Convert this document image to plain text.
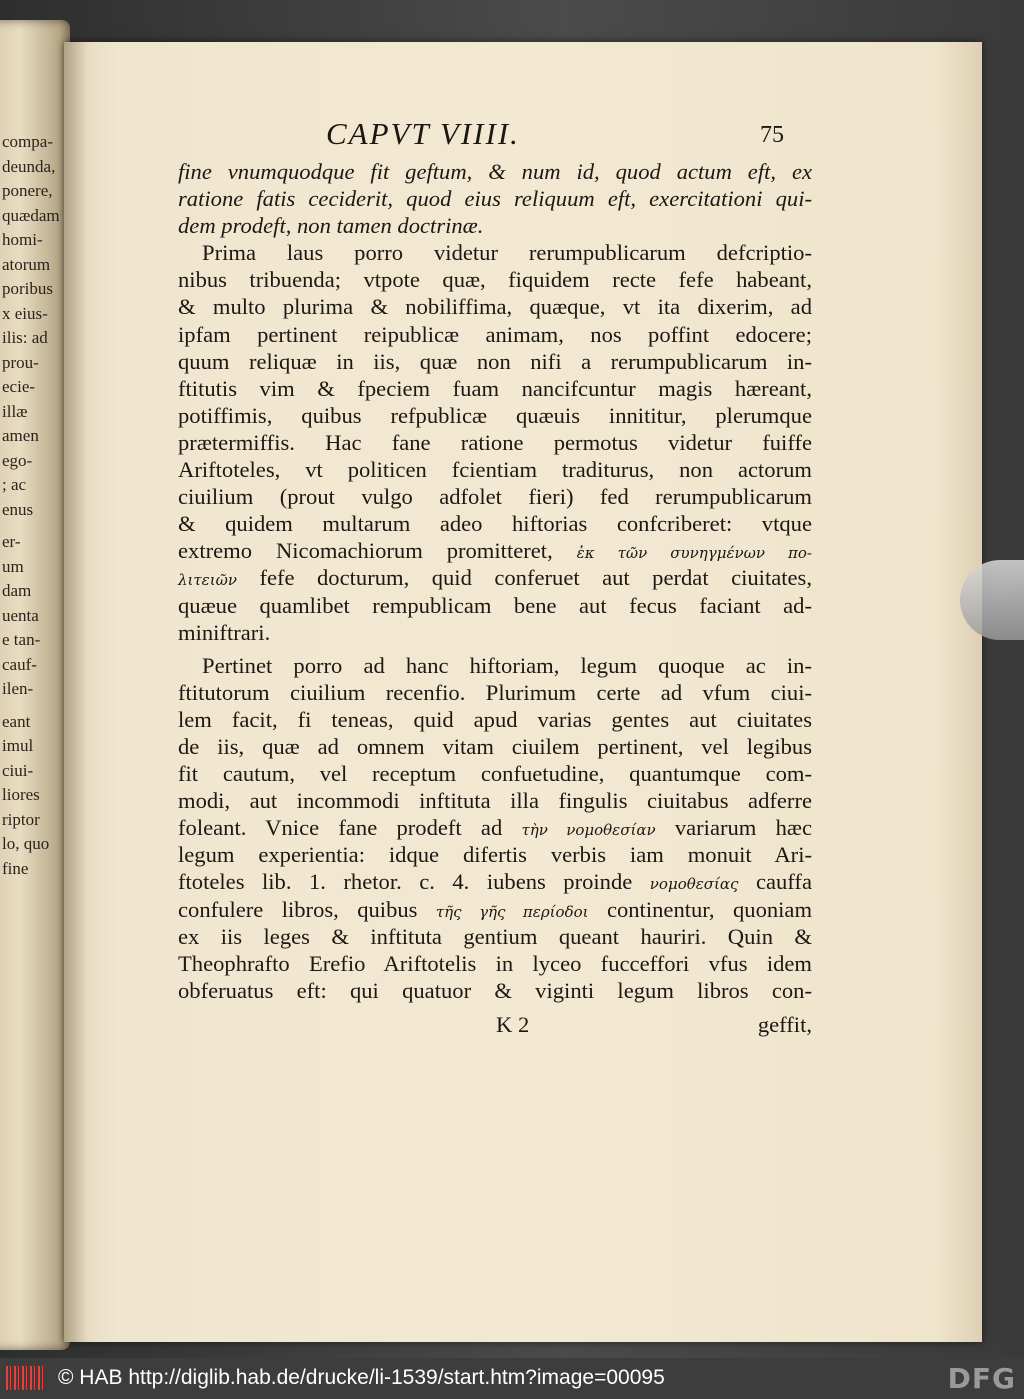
compa-
deunda,
ponere,
quædam
homi-
atorum
poribus
x eius-
ilis: ad
prou-
ecie-
illæ
amen
ego-
; ac
enus
er-
um
dam
uenta
e tan-
cauf-
ilen-
eant
imul
ciui-
liores
riptor
lo, quo
fine
CAPVT VIIII.	75
fine vnumquodque fit geftum, & num id, quod actum eft, ex
ratione fatis ceciderit, quod eius reliquum eft, exercitationi qui-
dem prodeft, non tamen doctrinæ.
Prima laus porro videtur rerumpublicarum defcriptio-
nibus tribuenda; vtpote quæ, fiquidem recte fefe habeant,
& multo plurima & nobiliffima, quæque, vt ita dixerim, ad
ipfam pertinent reipublicæ animam, nos poffint edocere;
quum reliquæ in iis, quæ non nifi a rerumpublicarum in-
ftitutis vim & fpeciem fuam nancifcuntur magis hæreant,
potiffimis, quibus refpublicæ quæuis innititur, plerumque
prætermiffis. Hac fane ratione permotus videtur fuiffe
Ariftoteles, vt politicen fcientiam traditurus, non actorum
ciuilium (prout vulgo adfolet fieri) fed rerumpublicarum
& quidem multarum adeo hiftorias confcriberet: vtque
extremo Nicomachiorum promitteret, ἐκ τῶν συνηγμένων πο-
λιτειῶν fefe docturum, quid conferuet aut perdat ciuitates,
quæue quamlibet rempublicam bene aut fecus faciant ad-
miniftrari.
Pertinet porro ad hanc hiftoriam, legum quoque ac in-
ftitutorum ciuilium recenfio. Plurimum certe ad vfum ciui-
lem facit, fi teneas, quid apud varias gentes aut ciuitates
de iis, quæ ad omnem vitam ciuilem pertinent, vel legibus
fit cautum, vel receptum confuetudine, quantumque com-
modi, aut incommodi inftituta illa fingulis ciuitabus adferre
foleant. Vnice fane prodeft ad τὴν νομοθεσίαν variarum hæc
legum experientia: idque difertis verbis iam monuit Ari-
ftoteles lib. 1. rhetor. c. 4. iubens proinde νομοθεσίας cauffa
confulere libros, quibus τῆς γῆς περίοδοι continentur, quoniam
ex iis leges & inftituta gentium queant hauriri. Quin &
Theophrafto Erefio Ariftotelis in lyceo fucceffori vfus idem
obferuatus eft: qui quatuor & viginti legum libros con-
K 2	geffit,
© HAB http://diglib.hab.de/drucke/li-1539/start.htm?image=00095	DFG
